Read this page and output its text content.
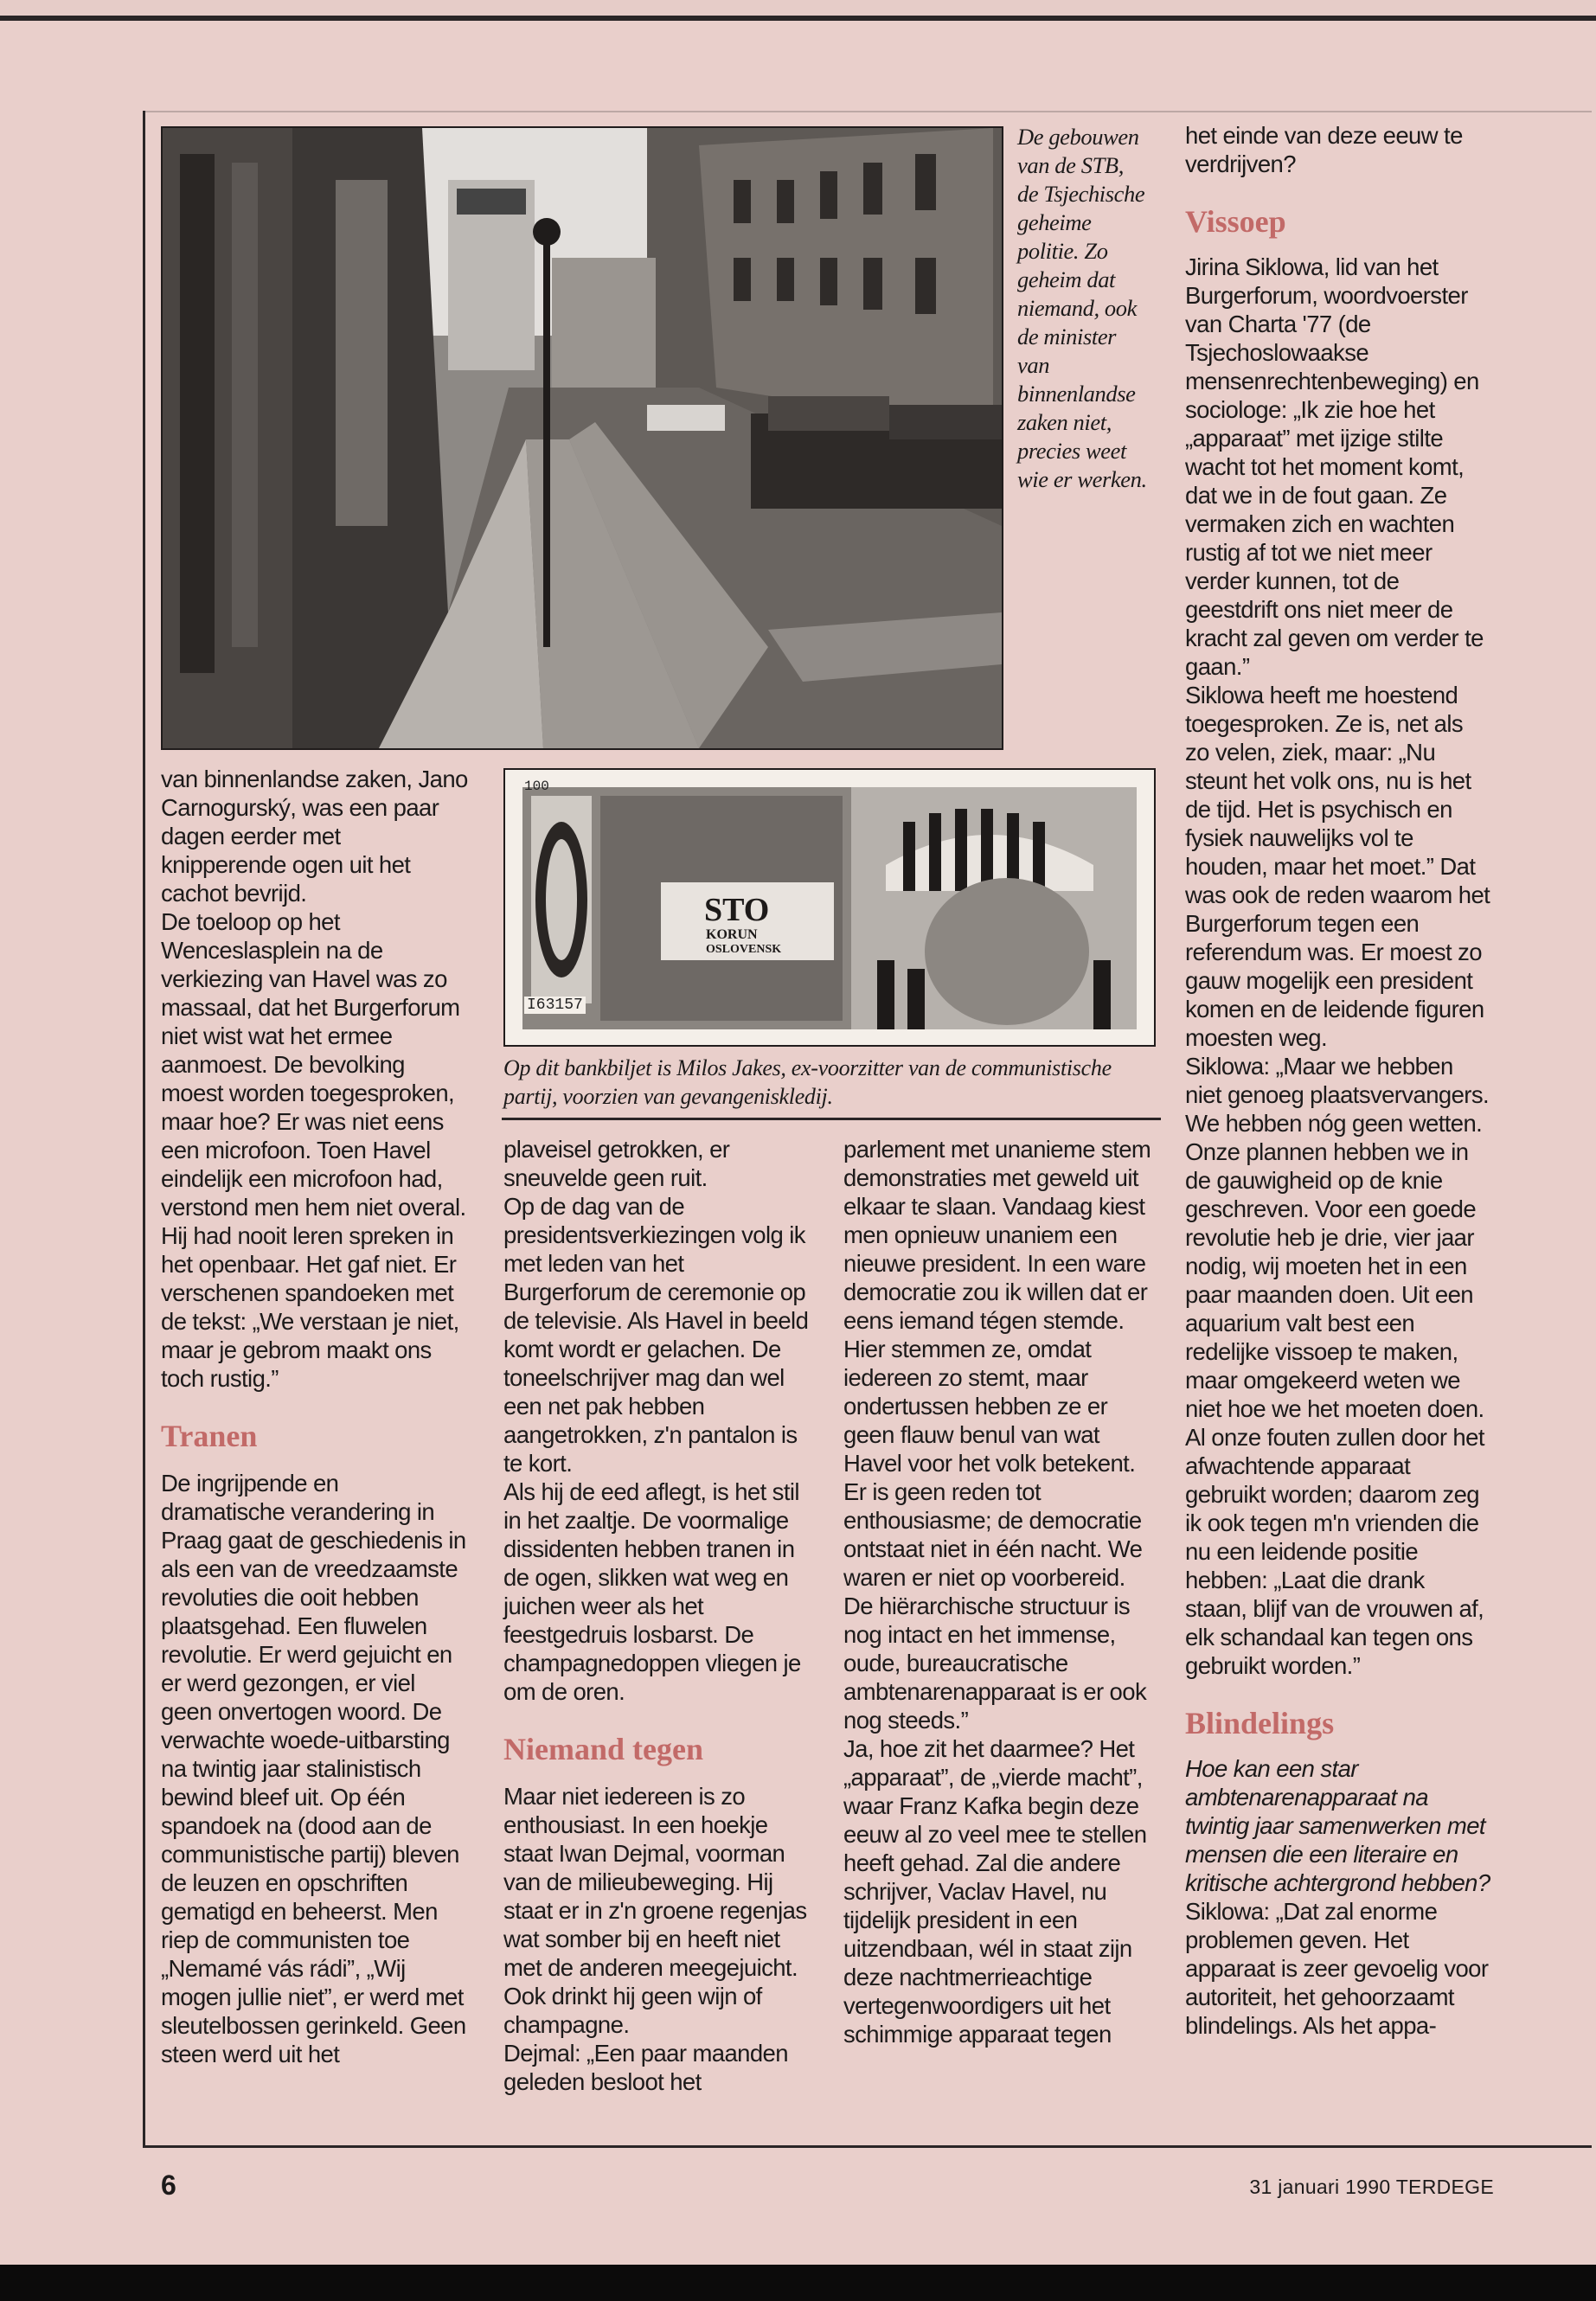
De gebouwen van de STB, de Tsjechische geheime politie. Zo geheim dat niemand, ook de minister van binnenlandse zaken niet, precies weet wie er werken.
I63157
100
STO
KORUN
OSLOVENSK
Op dit bankbiljet is Milos Jakes, ex-voorzitter van de communistische partij, voorzien van gevangeniskledij.

van binnenlandse zaken, Jano Carnogurský, was een paar dagen eerder met knipperende ogen uit het cachot bevrijd.

De toeloop op het Wenceslasplein na de verkiezing van Havel was zo massaal, dat het Burgerforum niet wist wat het ermee aanmoest. De bevolking moest worden toegesproken, maar hoe? Er was niet eens een microfoon. Toen Havel eindelijk een microfoon had, verstond men hem niet overal. Hij had nooit leren spreken in het openbaar. Het gaf niet. Er verschenen spandoeken met de tekst: „We verstaan je niet, maar je gebrom maakt ons toch rustig.”

Tranen

De ingrijpende en dramatische verandering in Praag gaat de geschiedenis in als een van de vreedzaamste revoluties die ooit hebben plaatsgehad. Een fluwelen revolutie. Er werd gejuicht en er werd gezongen, er viel geen onvertogen woord. De verwachte woede-uitbarsting na twintig jaar stalinistisch bewind bleef uit. Op één spandoek na (dood aan de communistische partij) bleven de leuzen en opschriften gematigd en beheerst. Men riep de communisten toe „Nemamé vás rádi”, „Wij mogen jullie niet”, er werd met sleutelbossen gerinkeld. Geen steen werd uit het

plaveisel getrokken, er sneuvelde geen ruit.

Op de dag van de presidentsverkiezingen volg ik met leden van het Burgerforum de ceremonie op de televisie. Als Havel in beeld komt wordt er gelachen. De toneelschrijver mag dan wel een net pak hebben aangetrokken, z'n pantalon is te kort.

Als hij de eed aflegt, is het stil in het zaaltje. De voormalige dissidenten hebben tranen in de ogen, slikken wat weg en juichen weer als het feestgedruis losbarst. De champagnedoppen vliegen je om de oren.

Niemand tegen

Maar niet iedereen is zo enthousiast. In een hoekje staat Iwan Dejmal, voorman van de milieubeweging. Hij staat er in z'n groene regenjas wat somber bij en heeft niet met de anderen meegejuicht. Ook drinkt hij geen wijn of champagne.

Dejmal: „Een paar maanden geleden besloot het

parlement met unanieme stem demonstraties met geweld uit elkaar te slaan. Vandaag kiest men opnieuw unaniem een nieuwe president. In een ware democratie zou ik willen dat er eens iemand tégen stemde. Hier stemmen ze, omdat iedereen zo stemt, maar ondertussen hebben ze er geen flauw benul van wat Havel voor het volk betekent. Er is geen reden tot enthousiasme; de democratie ontstaat niet in één nacht. We waren er niet op voorbereid. De hiërarchische structuur is nog intact en het immense, oude, bureaucratische ambtenarenapparaat is er ook nog steeds.”

Ja, hoe zit het daarmee? Het „apparaat”, de „vierde macht”, waar Franz Kafka begin deze eeuw al zo veel mee te stellen heeft gehad. Zal die andere schrijver, Vaclav Havel, nu tijdelijk president in een uitzendbaan, wél in staat zijn deze nachtmerrieachtige vertegenwoordigers uit het schimmige apparaat tegen

het einde van deze eeuw te verdrijven?

Vissoep

Jirina Siklowa, lid van het Burgerforum, woordvoerster van Charta '77 (de Tsjechoslowaakse mensenrechtenbeweging) en sociologe: „Ik zie hoe het „apparaat” met ijzige stilte wacht tot het moment komt, dat we in de fout gaan. Ze vermaken zich en wachten rustig af tot we niet meer verder kunnen, tot de geestdrift ons niet meer de kracht zal geven om verder te gaan.”

Siklowa heeft me hoestend toegesproken. Ze is, net als zo velen, ziek, maar: „Nu steunt het volk ons, nu is het de tijd. Het is psychisch en fysiek nauwelijks vol te houden, maar het moet.” Dat was ook de reden waarom het Burgerforum tegen een referendum was. Er moest zo gauw mogelijk een president komen en de leidende figuren moesten weg.

Siklowa: „Maar we hebben niet genoeg plaatsvervangers. We hebben nóg geen wetten. Onze plannen hebben we in de gauwigheid op de knie geschreven. Voor een goede revolutie heb je drie, vier jaar nodig, wij moeten het in een paar maanden doen. Uit een aquarium valt best een redelijke vissoep te maken, maar omgekeerd weten we niet hoe we het moeten doen. Al onze fouten zullen door het afwachtende apparaat gebruikt worden; daarom zeg ik ook tegen m'n vrienden die nu een leidende positie hebben: „Laat die drank staan, blijf van de vrouwen af, elk schandaal kan tegen ons gebruikt worden.”

Blindelings

Hoe kan een star ambtenarenapparaat na twintig jaar samenwerken met mensen die een literaire en kritische achtergrond hebben?

Siklowa: „Dat zal enorme problemen geven. Het apparaat is zeer gevoelig voor autoriteit, het gehoorzaamt blindelings. Als het appa-

6	31 januari 1990 TERDEGE
